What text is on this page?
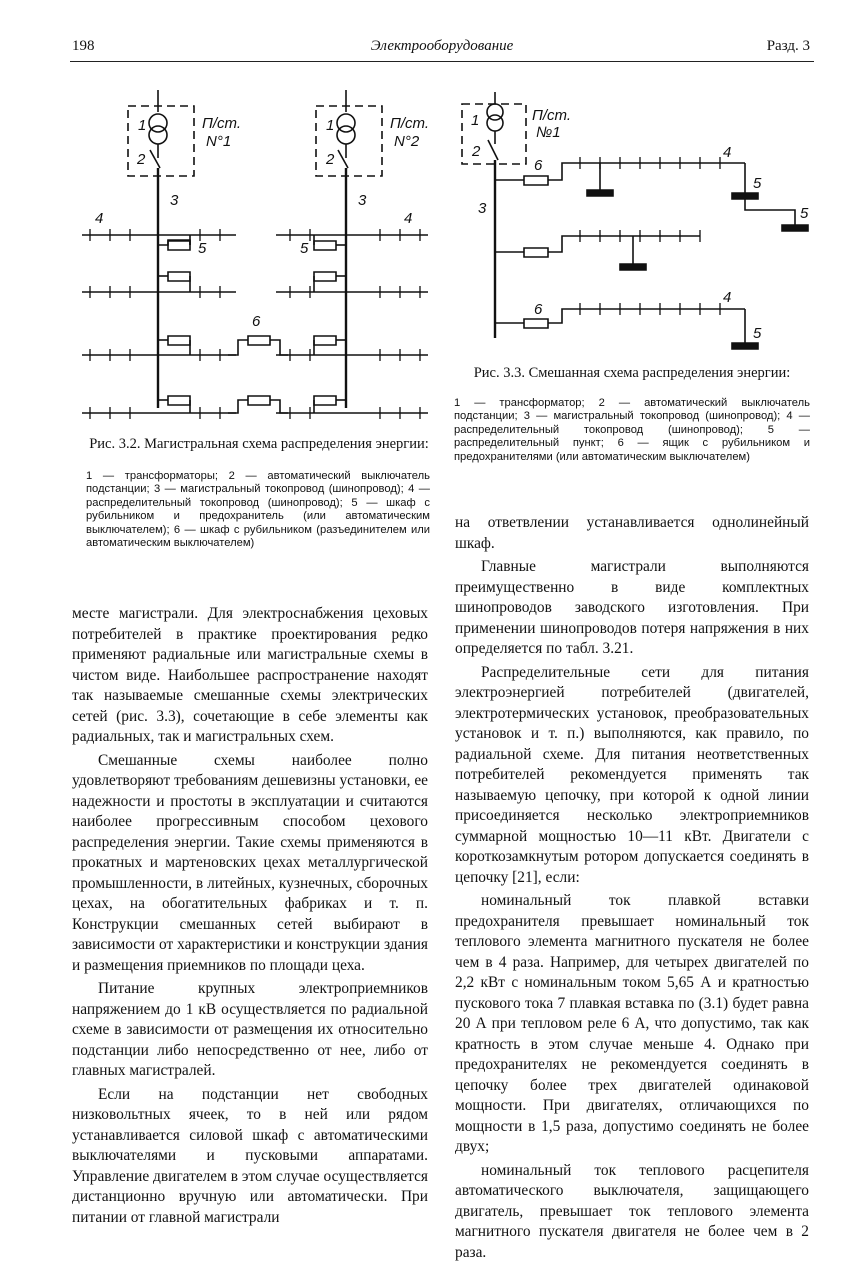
198	Электрооборудование	Разд. 3
1
2
П/ст.
N°1
1
2
П/ст.
N°2
3	3
4	4
5	5
6
Рис. 3.2. Магистральная схема распределения энергии:

1 — трансформаторы; 2 — автоматический выключатель подстанции; 3 — магистральный токопровод (шинопровод); 4 — распределительный токопровод (шинопровод); 5 — шкаф с рубильником и предохранитель (или автоматическим выключателем); 6 — шкаф с рубильником (разъединителем или автоматическим выключателем)

1
2
П/ст.
№1
3
6
6
4
4
5
5
5
Рис. 3.3. Смешанная схема распределения энергии:

1 — трансформатор; 2 — автоматический выключатель подстанции; 3 — магистральный токопровод (шинопровод); 4 — распределительный токопровод (шинопровод); 5 — распределительный пункт; 6 — ящик с рубильником и предохранителями (или автоматическим выключателем)

месте магистрали. Для электроснабжения цеховых потребителей в практике проектирования редко применяют радиальные или магистральные схемы в чистом виде. Наибольшее распространение находят так называемые смешанные схемы электрических сетей (рис. 3.3), сочетающие в себе элементы как радиальных, так и магистральных схем.

Смешанные схемы наиболее полно удовлетворяют требованиям дешевизны установки, ее надежности и простоты в эксплуатации и считаются наиболее прогрессивным способом цехового распределения энергии. Такие схемы применяются в прокатных и мартеновских цехах металлургической промышленности, в литейных, кузнечных, сборочных цехах, на обогатительных фабриках и т. п. Конструкции смешанных сетей выбирают в зависимости от характеристики и конструкции здания и размещения приемников по площади цеха.

Питание крупных электроприемников напряжением до 1 кВ осуществляется по радиальной схеме в зависимости от размещения их относительно подстанции либо непосредственно от нее, либо от главных магистралей.

Если на подстанции нет свободных низковольтных ячеек, то в ней или рядом устанавливается силовой шкаф с автоматическими выключателями и пусковыми аппаратами. Управление двигателем в этом случае осуществляется дистанционно вручную или автоматически. При питании от главной магистрали

на ответвлении устанавливается однолинейный шкаф.

Главные магистрали выполняются преимущественно в виде комплектных шинопроводов заводского изготовления. При применении шинопроводов потеря напряжения в них определяется по табл. 3.21.

Распределительные сети для питания электроэнергией потребителей (двигателей, электротермических установок, преобразовательных установок и т. п.) выполняются, как правило, по радиальной схеме. Для питания неответственных потребителей рекомендуется применять так называемую цепочку, при которой к одной линии присоединяется несколько электроприемников суммарной мощностью 10—11 кВт. Двигатели с короткозамкнутым ротором допускается соединять в цепочку [21], если:

номинальный ток плавкой вставки предохранителя превышает номинальный ток теплового элемента магнитного пускателя не более чем в 4 раза. Например, для четырех двигателей по 2,2 кВт с номинальным током 5,65 А и кратностью пускового тока 7 плавкая вставка по (3.1) будет равна 20 А при тепловом реле 6 А, что допустимо, так как кратность в этом случае меньше 4. Однако при предохранителях не рекомендуется соединять в цепочку более трех двигателей одинаковой мощности. При двигателях, отличающихся по мощности в 1,5 раза, допустимо соединять не более двух;

номинальный ток теплового расцепителя автоматического выключателя, защищающего двигатель, превышает ток теплового элемента магнитного пускателя двигателя не более чем в 2 раза.
